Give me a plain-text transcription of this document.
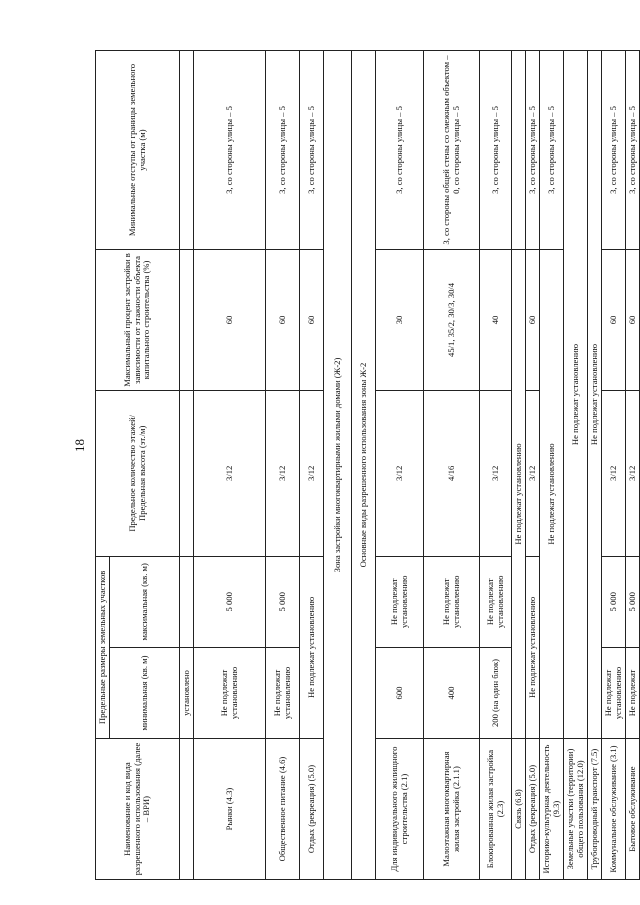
18
Наименование и код вида разрешенного использования (далее – ВРИ)	Предельные размеры земельных участков		Предельное количество этажей/ Предельная высота (эт./м)	Максимальный процент застройки в зависимости от этажности объекта капитального строительства (%)	Минимальные отступы от границы земельного участка (м)
	минимальная (кв. м)	максимальная (кв. м)			
	установлено				
Рынки (4.3)	Не подлежат установлению	5 000	3/12	60	3, со стороны улицы – 5
Общественное питание (4.6)	Не подлежат установлению	5 000	3/12	60	3, со стороны улицы – 5
Отдых (рекреация) (5.0)	Не подлежат установлению		3/12	60	3, со стороны улицы – 5
Зона застройки многоквартирными жилыми домами (Ж-2)					
Основные виды разрешенного использования зоны Ж-2					
Для индивидуального жилищного строительства (2.1)	600	Не подлежат установлению	3/12	30	3, со стороны улицы – 5
Малоэтажная многоквартирная жилая застройка (2.1.1)	400	Не подлежат установлению	4/16	45/1, 35/2, 30/3, 30/4	3, со стороны общей стены со смежным объектом – 0, со стороны улицы – 5
Блокированная жилая застройка (2.3)	200 (на один блок)	Не подлежат установлению	3/12	40	3, со стороны улицы – 5
Связь (6.8)	Не подлежат установлению				
Отдых (рекреация) (5.0)	Не подлежат установлению		3/12	60	3, со стороны улицы – 5
Историко-культурная деятельность (9.3)	Не подлежат установлению				3, со стороны улицы – 5
Земельные участки (территории) общего пользования (12.0)	Не подлежат установлению				
Трубопроводный транспорт (7.5)	Не подлежат установлению				
Коммунальное обслуживание (3.1)	Не подлежат установлению	5 000	3/12	60	3, со стороны улицы – 5
Бытовое обслуживание	Не подлежат	5 000	3/12	60	3, со стороны улицы – 5
